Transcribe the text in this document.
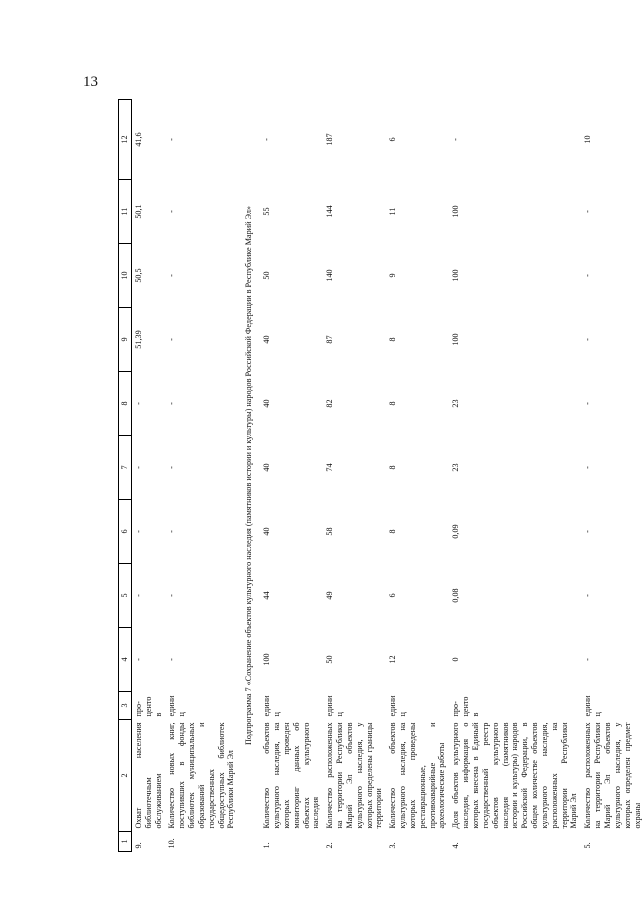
13
1	2	3	4	5	6	7	8	9	10	11	12
9.	Охват населения библиотечным обслуживанием	про-центов	-	-	-	-	-	51,39	50,5	50,1	41,6
10.	Количество новых книг, поступивших в фонды библиотек муниципальных образований и государственных общедоступных библиотек Республики Марий Эл	единиц	-	-	-	-	-	-	-	-	-
Подпрограмма 7 «Сохранение объектов культурного наследия (памятников истории и культуры) народов Российской Федерации в Республике Марий Эл»											
1.	Количество объектов культурного наследия, на которых проведен мониторинг данных об объектах культурного наследия	единиц	100	44	40	40	40	40	50	55	-
2.	Количество расположенных на территории Республики Марий Эл объектов культурного наследия, у которых определены границы территории	единиц	50	49	58	74	82	87	140	144	187
3.	Количество объектов культурного наследия, на которых проведены реставрационные, противоаварийные и археологические работы	единиц	12	6	8	8	8	8	9	11	6
4.	Доля объектов культурного наследия, информация о которых внесена в Единый государственный реестр объектов культурного наследия (памятников истории и культуры) народов Российской Федерации, в общем количестве объектов культурного наследия, расположенных на территории Республики Марий Эл	про-центов	0	0,08	0,09	23	23	100	100	100	-
5.	Количество расположенных на территории Республики Марий Эл объектов культурного наследия, у которых определен предмет охраны	единиц	-	-	-	-	-	-	-	-	10
